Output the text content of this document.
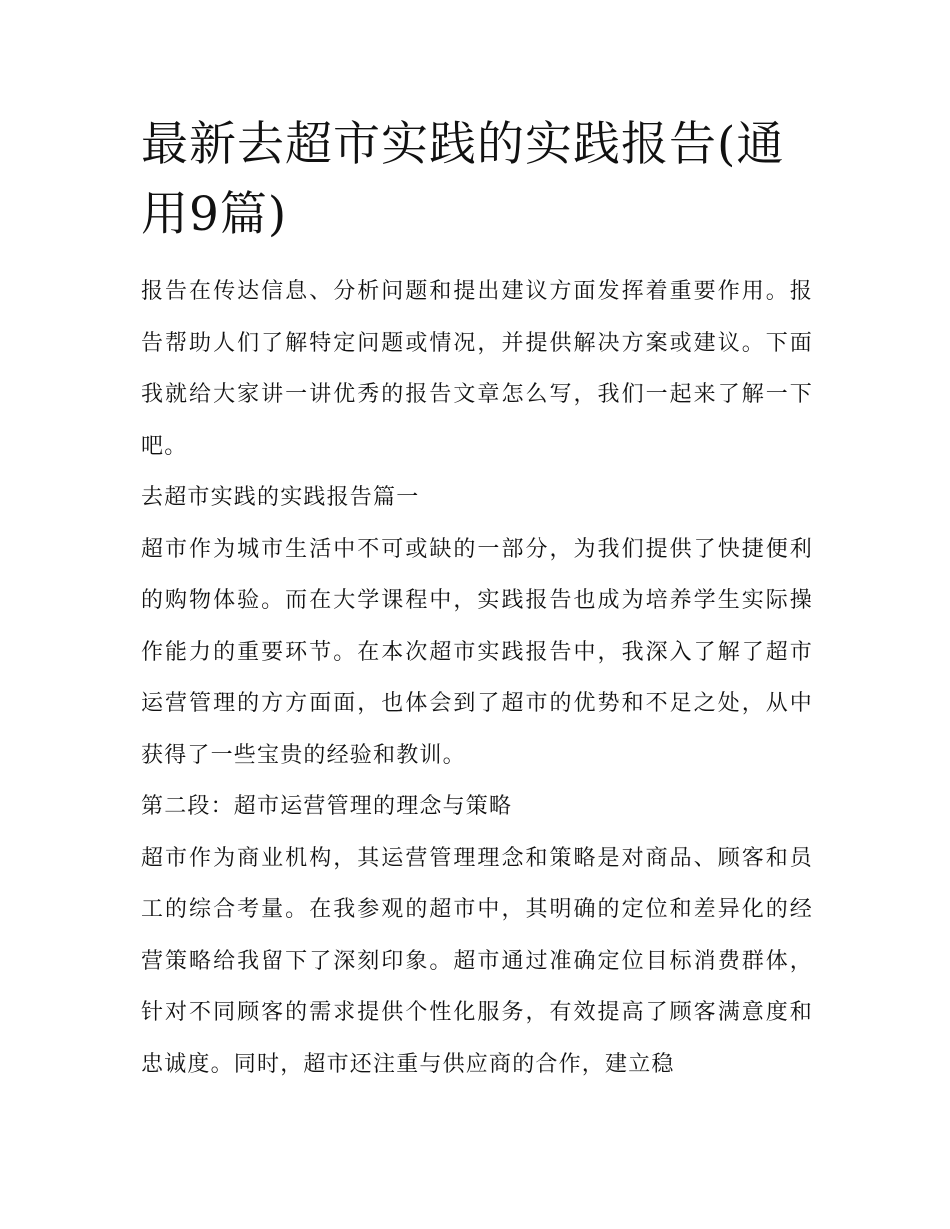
最新去超市实践的实践报告(通用9篇)

报告在传达信息、分析问题和提出建议方面发挥着重要作用。报告帮助人们了解特定问题或情况，并提供解决方案或建议。下面我就给大家讲一讲优秀的报告文章怎么写，我们一起来了解一下吧。

去超市实践的实践报告篇一

超市作为城市生活中不可或缺的一部分，为我们提供了快捷便利的购物体验。而在大学课程中，实践报告也成为培养学生实际操作能力的重要环节。在本次超市实践报告中，我深入了解了超市运营管理的方方面面，也体会到了超市的优势和不足之处，从中获得了一些宝贵的经验和教训。

第二段：超市运营管理的理念与策略

超市作为商业机构，其运营管理理念和策略是对商品、顾客和员工的综合考量。在我参观的超市中，其明确的定位和差异化的经营策略给我留下了深刻印象。超市通过准确定位目标消费群体，针对不同顾客的需求提供个性化服务，有效提高了顾客满意度和忠诚度。同时，超市还注重与供应商的合作，建立稳
